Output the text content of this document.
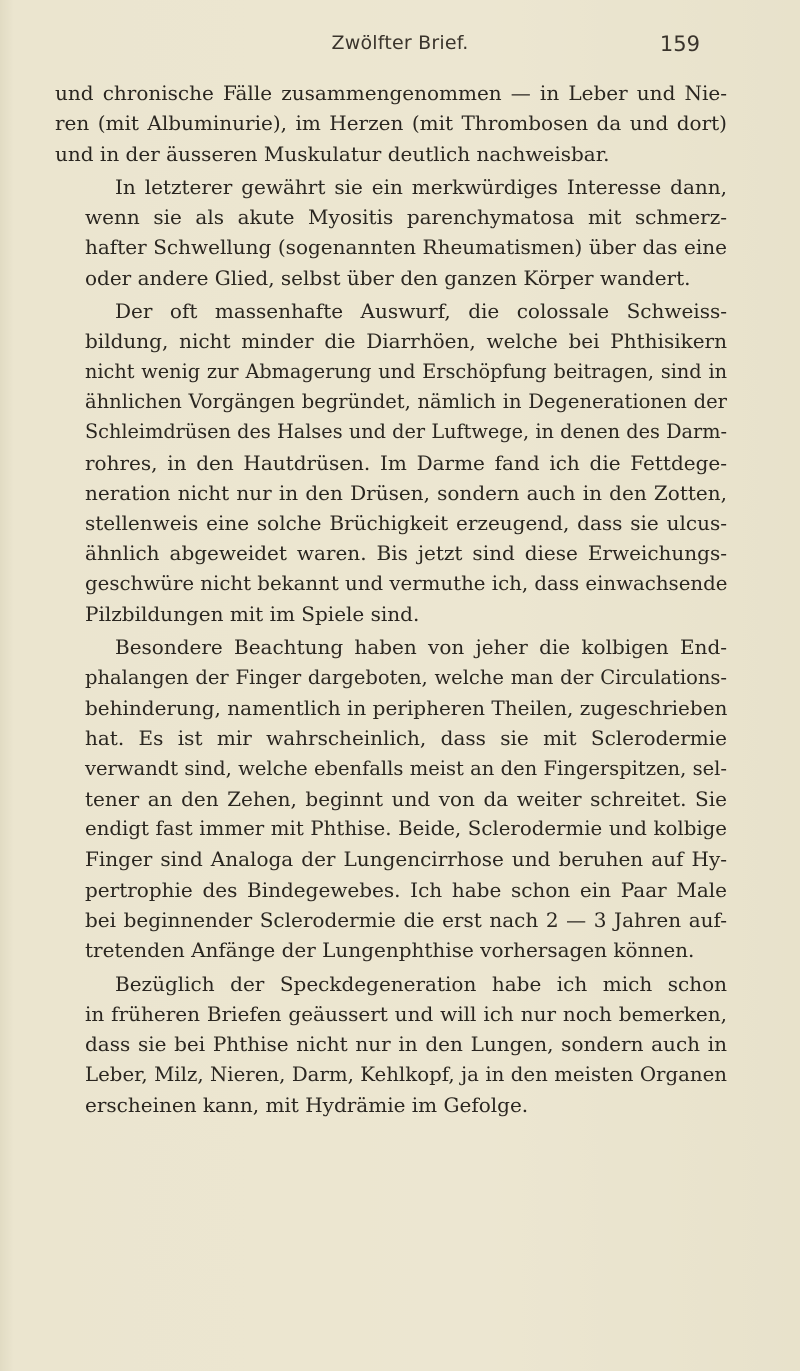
Zwölfter Brief.	159
und chronische Fälle zusammengenommen — in Leber und Nie-
ren (mit Albuminurie), im Herzen (mit Thrombosen da und dort)
und in der äusseren Muskulatur deutlich nachweisbar.
In letzterer gewährt sie ein merkwürdiges Interesse dann,
wenn sie als akute Myositis parenchymatosa mit schmerz-
hafter Schwellung (sogenannten Rheumatismen) über das eine
oder andere Glied, selbst über den ganzen Körper wandert.
Der oft massenhafte Auswurf, die colossale Schweiss-
bildung, nicht minder die Diarrhöen, welche bei Phthisikern
nicht wenig zur Abmagerung und Erschöpfung beitragen, sind in
ähnlichen Vorgängen begründet, nämlich in Degenerationen der
Schleimdrüsen des Halses und der Luftwege, in denen des Darm-
rohres, in den Hautdrüsen. Im Darme fand ich die Fettdege-
neration nicht nur in den Drüsen, sondern auch in den Zotten,
stellenweis eine solche Brüchigkeit erzeugend, dass sie ulcus-
ähnlich abgeweidet waren. Bis jetzt sind diese Erweichungs-
geschwüre nicht bekannt und vermuthe ich, dass einwachsende
Pilzbildungen mit im Spiele sind.
Besondere Beachtung haben von jeher die kolbigen End-
phalangen der Finger dargeboten, welche man der Circulations-
behinderung, namentlich in peripheren Theilen, zugeschrieben
hat. Es ist mir wahrscheinlich, dass sie mit Sclerodermie
verwandt sind, welche ebenfalls meist an den Fingerspitzen, sel-
tener an den Zehen, beginnt und von da weiter schreitet. Sie
endigt fast immer mit Phthise. Beide, Sclerodermie und kolbige
Finger sind Analoga der Lungencirrhose und beruhen auf Hy-
pertrophie des Bindegewebes. Ich habe schon ein Paar Male
bei beginnender Sclerodermie die erst nach 2 — 3 Jahren auf-
tretenden Anfänge der Lungenphthise vorhersagen können.
Bezüglich der Speckdegeneration habe ich mich schon
in früheren Briefen geäussert und will ich nur noch bemerken,
dass sie bei Phthise nicht nur in den Lungen, sondern auch in
Leber, Milz, Nieren, Darm, Kehlkopf, ja in den meisten Organen
erscheinen kann, mit Hydrämie im Gefolge.
